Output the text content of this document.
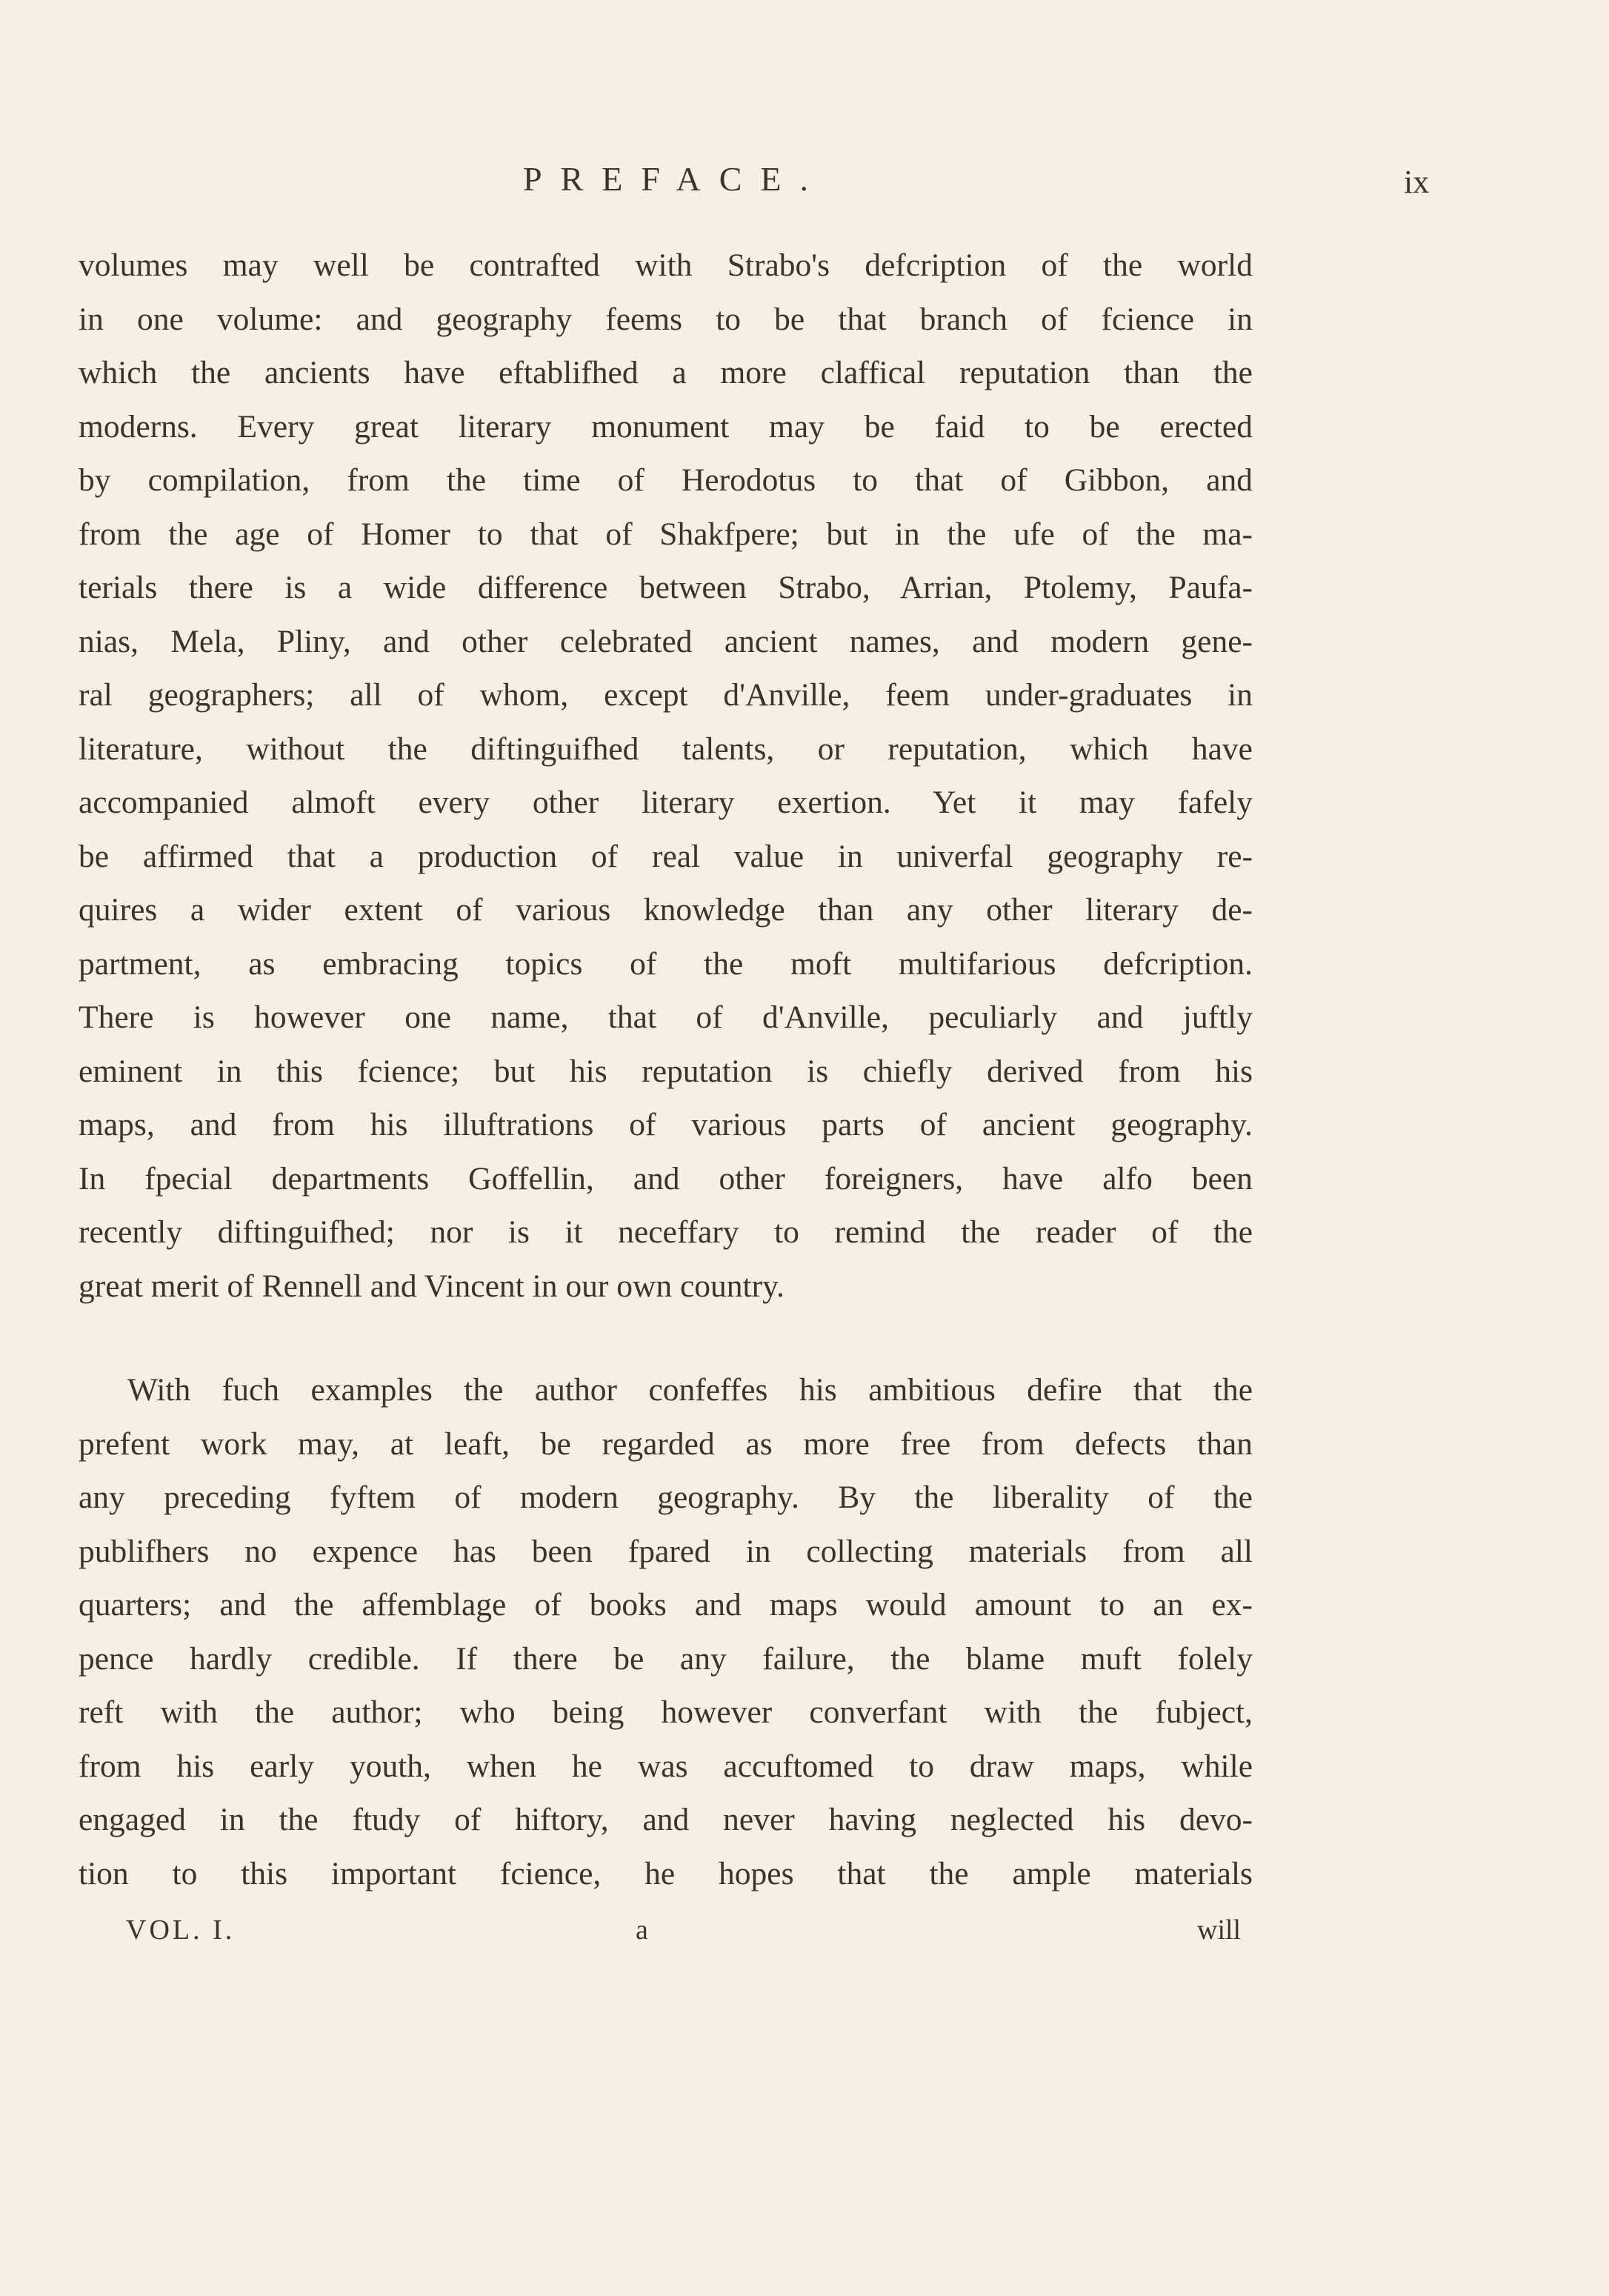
PREFACE.	ix
volumes may well be contrafted with Strabo's defcription of the world
in one volume: and geography feems to be that branch of fcience in
which the ancients have eftablifhed a more claffical reputation than the
moderns. Every great literary monument may be faid to be erected
by compilation, from the time of Herodotus to that of Gibbon, and
from the age of Homer to that of Shakfpere; but in the ufe of the ma-
terials there is a wide difference between Strabo, Arrian, Ptolemy, Paufa-
nias, Mela, Pliny, and other celebrated ancient names, and modern gene-
ral geographers; all of whom, except d'Anville, feem under-graduates in
literature, without the diftinguifhed talents, or reputation, which have
accompanied almoft every other literary exertion. Yet it may fafely
be affirmed that a production of real value in univerfal geography re-
quires a wider extent of various knowledge than any other literary de-
partment, as embracing topics of the moft multifarious defcription.
There is however one name, that of d'Anville, peculiarly and juftly
eminent in this fcience; but his reputation is chiefly derived from his
maps, and from his illuftrations of various parts of ancient geography.
In fpecial departments Goffellin, and other foreigners, have alfo been
recently diftinguifhed; nor is it neceffary to remind the reader of the
great merit of Rennell and Vincent in our own country.
With fuch examples the author confeffes his ambitious defire that the
prefent work may, at leaft, be regarded as more free from defects than
any preceding fyftem of modern geography. By the liberality of the
publifhers no expence has been fpared in collecting materials from all
quarters; and the affemblage of books and maps would amount to an ex-
pence hardly credible. If there be any failure, the blame muft folely
reft with the author; who being however converfant with the fubject,
from his early youth, when he was accuftomed to draw maps, while
engaged in the ftudy of hiftory, and never having neglected his devo-
tion to this important fcience, he hopes that the ample materials
VOL. I.	a	will
